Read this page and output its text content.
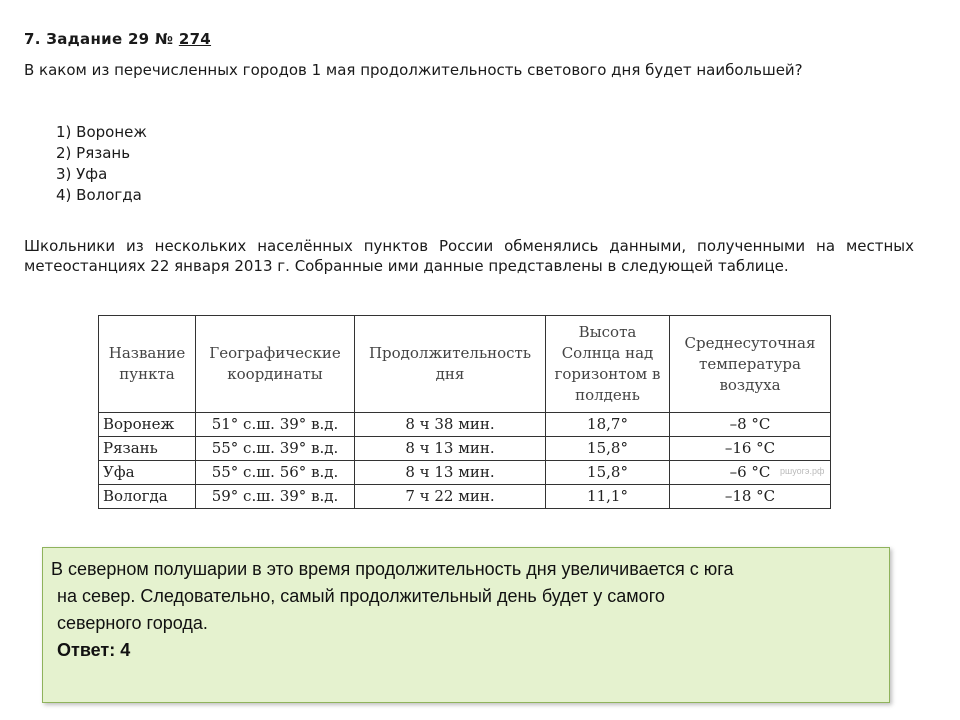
7. Задание 29 № 274
В каком из перечисленных городов 1 мая продолжительность светового дня будет наибольшей?
1) Воронеж
2) Рязань
3) Уфа
4) Вологда
Школьники из нескольких населённых пунктов России обменялись данными, полученными на местных метеостанциях 22 января 2013 г. Собранные ими данные представлены в следующей таблице.
Название пункта	Географические координаты	Продолжительность дня	Высота Солнца над горизонтом в полдень	Среднесуточная температура воздуха
Воронеж	51° с.ш. 39° в.д.	8 ч 38 мин.	18,7°	–8 °С
Рязань	55° с.ш. 39° в.д.	8 ч 13 мин.	15,8°	–16 °С
Уфа	55° с.ш. 56° в.д.	8 ч 13 мин.	15,8°	–6 °С
Вологда	59° с.ш. 39° в.д.	7 ч 22 мин.	11,1°	–18 °С
ршуогэ.рф
В северном полушарии в это время продолжительность дня увеличивается с юга
на север. Следовательно, самый продолжительный день будет у самого
северного города.
Ответ: 4
